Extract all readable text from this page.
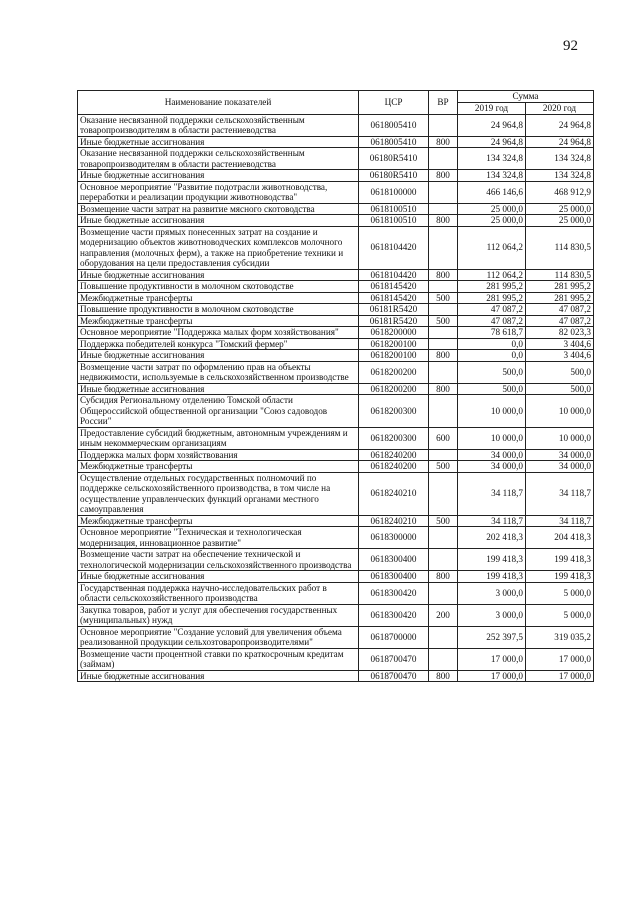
92
Наименование показателей	ЦСР	ВР	Сумма	
			2019 год	2020 год
Оказание несвязанной поддержки сельскохозяйственным товаропроизводителям в области растениеводства	0618005410		24 964,8	24 964,8
Иные бюджетные ассигнования	0618005410	800	24 964,8	24 964,8
Оказание несвязанной поддержки сельскохозяйственным товаропроизводителям в области растениеводства	06180R5410		134 324,8	134 324,8
Иные бюджетные ассигнования	06180R5410	800	134 324,8	134 324,8
Основное мероприятие "Развитие подотрасли животноводства, переработки и реализации продукции животноводства"	0618100000		466 146,6	468 912,9
Возмещение части затрат на развитие мясного скотоводства	0618100510		25 000,0	25 000,0
Иные бюджетные ассигнования	0618100510	800	25 000,0	25 000,0
Возмещение части прямых понесенных затрат на создание и модернизацию объектов животноводческих комплексов молочного направления (молочных ферм), а также на приобретение техники и оборудования на цели предоставления субсидии	0618104420		112 064,2	114 830,5
Иные бюджетные ассигнования	0618104420	800	112 064,2	114 830,5
Повышение продуктивности в молочном скотоводстве	0618145420		281 995,2	281 995,2
Межбюджетные трансферты	0618145420	500	281 995,2	281 995,2
Повышение продуктивности в молочном скотоводстве	06181R5420		47 087,2	47 087,2
Межбюджетные трансферты	06181R5420	500	47 087,2	47 087,2
Основное мероприятие "Поддержка малых форм хозяйствования"	0618200000		78 618,7	82 023,3
Поддержка победителей конкурса "Томский фермер"	0618200100		0,0	3 404,6
Иные бюджетные ассигнования	0618200100	800	0,0	3 404,6
Возмещение части затрат по оформлению прав на объекты недвижимости, используемые в сельскохозяйственном производстве	0618200200		500,0	500,0
Иные бюджетные ассигнования	0618200200	800	500,0	500,0
Субсидия Региональному отделению Томской области Общероссийской общественной организации "Союз садоводов России"	0618200300		10 000,0	10 000,0
Предоставление субсидий бюджетным, автономным учреждениям и иным некоммерческим организациям	0618200300	600	10 000,0	10 000,0
Поддержка малых форм хозяйствования	0618240200		34 000,0	34 000,0
Межбюджетные трансферты	0618240200	500	34 000,0	34 000,0
Осуществление отдельных государственных полномочий по поддержке сельскохозяйственного производства, в том числе на осуществление управленческих функций органами местного самоуправления	0618240210		34 118,7	34 118,7
Межбюджетные трансферты	0618240210	500	34 118,7	34 118,7
Основное мероприятие "Техническая и технологическая модернизация, инновационное развитие"	0618300000		202 418,3	204 418,3
Возмещение части затрат на обеспечение технической и технологической модернизации сельскохозяйственного производства	0618300400		199 418,3	199 418,3
Иные бюджетные ассигнования	0618300400	800	199 418,3	199 418,3
Государственная поддержка научно-исследовательских работ в области сельскохозяйственного производства	0618300420		3 000,0	5 000,0
Закупка товаров, работ и услуг для обеспечения государственных (муниципальных) нужд	0618300420	200	3 000,0	5 000,0
Основное мероприятие "Создание условий для увеличения объема реализованной продукции сельхозтоваропроизводителями"	0618700000		252 397,5	319 035,2
Возмещение части процентной ставки по краткосрочным кредитам (займам)	0618700470		17 000,0	17 000,0
Иные бюджетные ассигнования	0618700470	800	17 000,0	17 000,0
